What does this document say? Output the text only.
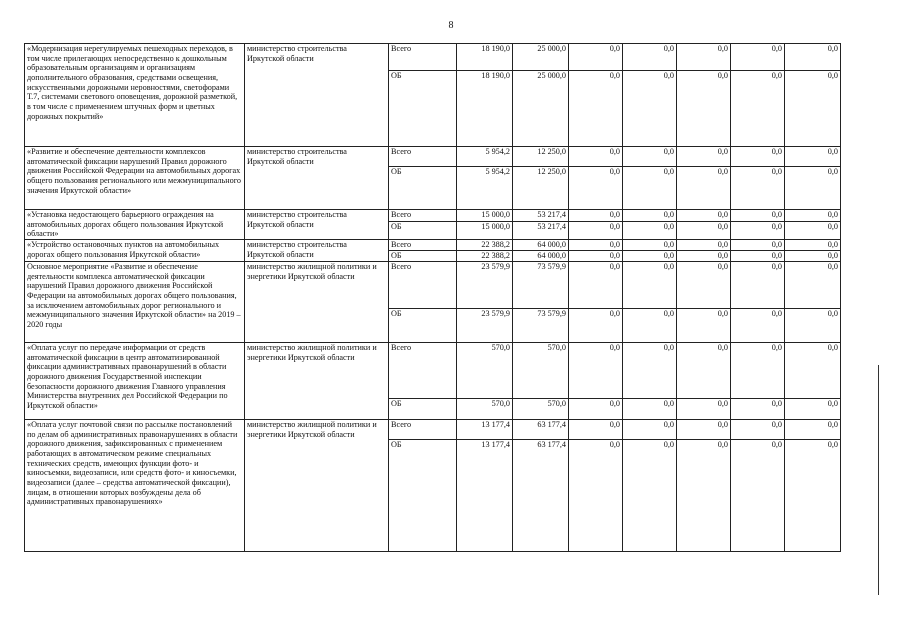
8
«Модернизация нерегулируемых пешеходных переходов, в том числе прилегающих непосредственно к дошкольным образовательным организациям и организациям дополнительного образования, средствами освещения, искусственными дорожными неровностями, светофорами Т.7, системами светового оповещения, дорожной разметкой, в том числе с применением штучных форм и цветных дорожных покрытий»	министерство строительства Иркутской области	Всего	18 190,0	25 000,0	0,0	0,0	0,0	0,0	0,0
		ОБ	18 190,0	25 000,0	0,0	0,0	0,0	0,0	0,0
«Развитие и обеспечение деятельности комплексов автоматической фиксации нарушений Правил дорожного движения Российской Федерации на автомобильных дорогах общего пользования регионального или межмуниципального значения Иркутской области»	министерство строительства Иркутской области	Всего	5 954,2	12 250,0	0,0	0,0	0,0	0,0	0,0
		ОБ	5 954,2	12 250,0	0,0	0,0	0,0	0,0	0,0
«Установка недостающего барьерного ограждения на автомобильных дорогах общего пользования Иркутской области»	министерство строительства Иркутской области	Всего	15 000,0	53 217,4	0,0	0,0	0,0	0,0	0,0
		ОБ	15 000,0	53 217,4	0,0	0,0	0,0	0,0	0,0
«Устройство остановочных пунктов на автомобильных дорогах общего пользования Иркутской области»	министерство строительства Иркутской области	Всего	22 388,2	64 000,0	0,0	0,0	0,0	0,0	0,0
		ОБ	22 388,2	64 000,0	0,0	0,0	0,0	0,0	0,0
Основное мероприятие «Развитие и обеспечение деятельности комплекса автоматической фиксации нарушений Правил дорожного движения Российской Федерации на автомобильных дорогах общего пользования, за исключением автомобильных дорог регионального и межмуниципального значения Иркутской области» на 2019 – 2020 годы	министерство жилищной политики и энергетики Иркутской области	Всего	23 579,9	73 579,9	0,0	0,0	0,0	0,0	0,0
		ОБ	23 579,9	73 579,9	0,0	0,0	0,0	0,0	0,0
«Оплата услуг по передаче информации от средств автоматической фиксации в центр автоматизированной фиксации административных правонарушений в области дорожного движения Государственной инспекции безопасности дорожного движения Главного управления Министерства внутренних дел Российской Федерации по Иркутской области»	министерство жилищной политики и энергетики Иркутской области	Всего	570,0	570,0	0,0	0,0	0,0	0,0	0,0
		ОБ	570,0	570,0	0,0	0,0	0,0	0,0	0,0
«Оплата услуг почтовой связи по рассылке постановлений по делам об административных правонарушениях в области дорожного движения, зафиксированных с применением работающих в автоматическом режиме специальных технических средств, имеющих функции фото- и киносъемки, видеозаписи, или средств фото- и киносъемки, видеозаписи (далее – средства автоматической фиксации), лицам, в отношении которых возбуждены дела об административных правонарушениях»	министерство жилищной политики и энергетики Иркутской области	Всего	13 177,4	63 177,4	0,0	0,0	0,0	0,0	0,0
		ОБ	13 177,4	63 177,4	0,0	0,0	0,0	0,0	0,0
